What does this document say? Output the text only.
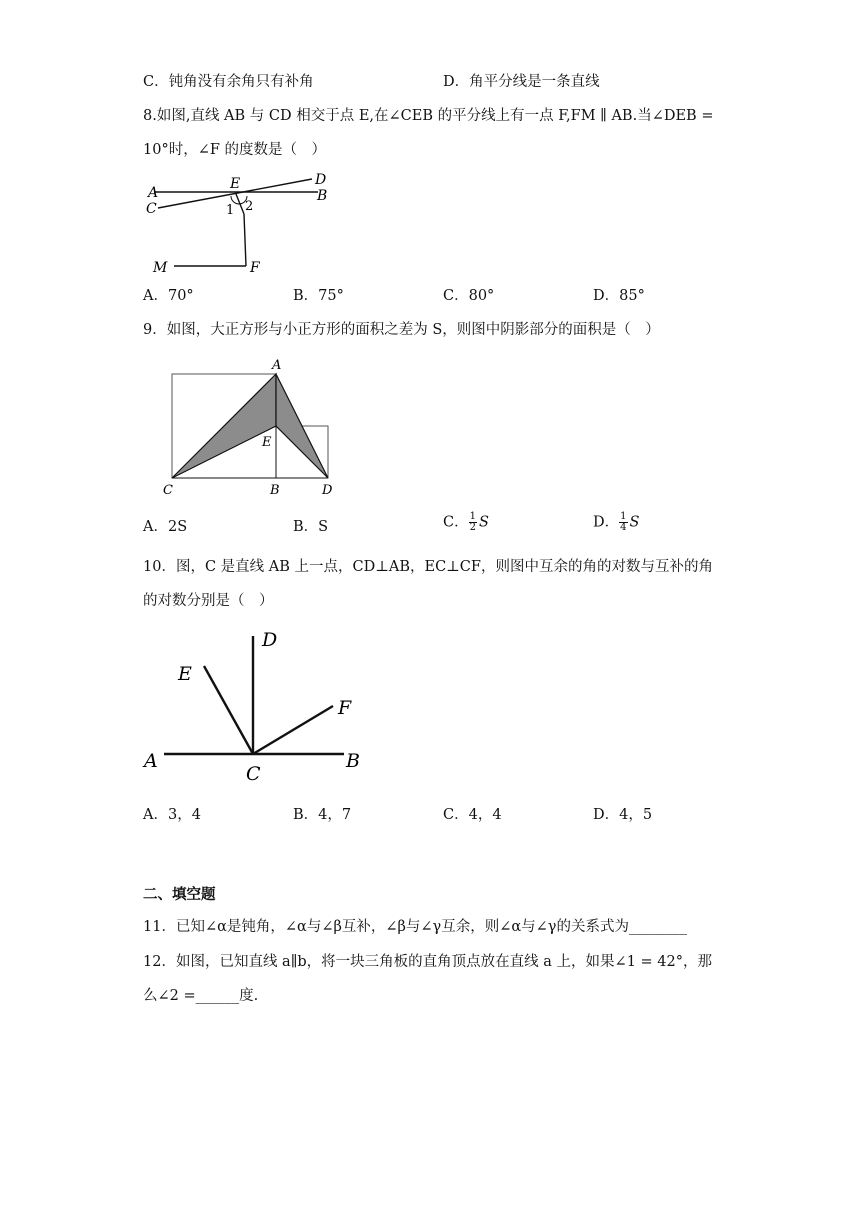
C．钝角没有余角只有补角	D．角平分线是一条直线
8.如图,直线 AB 与 CD 相交于点 E,在∠CEB 的平分线上有一点 F,FM ∥ AB.当∠DEB =
10°时，∠F 的度数是（　）
A
C
E	D
B
1 2
M	F
A．70°	B．75°	C．80°	D．85°
9．如图，大正方形与小正方形的面积之差为 S，则图中阴影部分的面积是（　）
A
E
C	B	D
A．2S	B．S	C． $\frac{1}{2}$ S	D． $\frac{1}{4}$ S
10．图，C 是直线 AB 上一点，CD⊥AB，EC⊥CF，则图中互余的角的对数与互补的角
的对数分别是（　）
D
E
F
A
C
B
A．3，4	B．4，7	C．4，4	D．4，5
二、填空题
11．已知∠α是钝角，∠α与∠β互补，∠β与∠γ互余，则∠α与∠γ的关系式为________
12．如图，已知直线 a∥b，将一块三角板的直角顶点放在直线 a 上，如果∠1 = 42°，那
么∠2 =______度.
